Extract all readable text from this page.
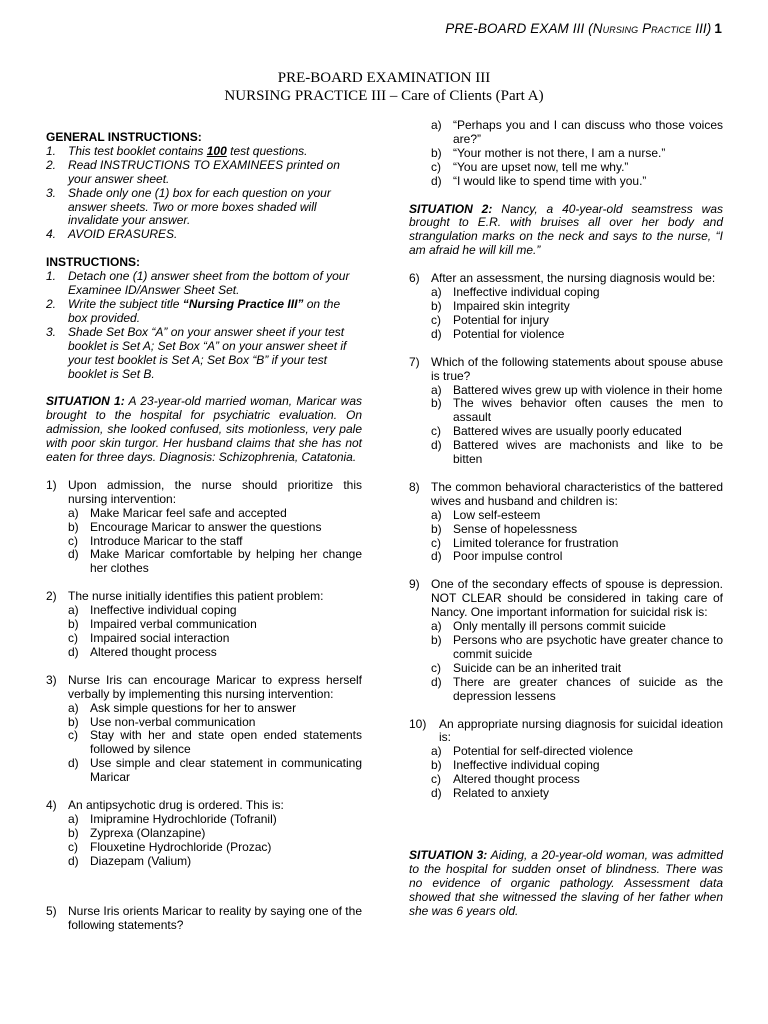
PRE-BOARD EXAM III (Nursing Practice III) 1
PRE-BOARD EXAMINATION III
NURSING PRACTICE III – Care of Clients (Part A)
GENERAL INSTRUCTIONS:
1. This test booklet contains 100 test questions.
2. Read INSTRUCTIONS TO EXAMINEES printed on your answer sheet.
3. Shade only one (1) box for each question on your answer sheets. Two or more boxes shaded will invalidate your answer.
4. AVOID ERASURES.
INSTRUCTIONS:
1. Detach one (1) answer sheet from the bottom of your Examinee ID/Answer Sheet Set.
2. Write the subject title “Nursing Practice III” on the box provided.
3. Shade Set Box “A” on your answer sheet if your test booklet is Set A; Set Box “A” on your answer sheet if your test booklet is Set A; Set Box “B” if your test booklet is Set B.
SITUATION 1: A 23-year-old married woman, Maricar was brought to the hospital for psychiatric evaluation. On admission, she looked confused, sits motionless, very pale with poor skin turgor. Her husband claims that she has not eaten for three days. Diagnosis: Schizophrenia, Catatonia.
1) Upon admission, the nurse should prioritize this nursing intervention:
a) Make Maricar feel safe and accepted
b) Encourage Maricar to answer the questions
c)	Introduce Maricar to the staff
d) Make Maricar comfortable by helping her change her clothes
2) The nurse initially identifies this patient problem:
a) Ineffective individual coping
b) Impaired verbal communication
c)	Impaired social interaction
d) Altered thought process
3) Nurse Iris can encourage Maricar to express herself verbally by implementing this nursing intervention:
a) Ask simple questions for her to answer
b) Use non-verbal communication
c)	Stay with her and state open ended statements followed by silence
d) Use simple and clear statement in communicating Maricar
4) An antipsychotic drug is ordered. This is:
a) Imipramine Hydrochloride (Tofranil)
b) Zyprexa (Olanzapine)
c)	Flouxetine Hydrochloride (Prozac)
d) Diazepam (Valium)
5) Nurse Iris orients Maricar to reality by saying one of the following statements?
a) “Perhaps you and I can discuss who those voices are?”
b) “Your mother is not there, I am a nurse.”
c)	“You are upset now, tell me why.”
d) “I would like to spend time with you.”
SITUATION 2: Nancy, a 40-year-old seamstress was brought to E.R. with bruises all over her body and strangulation marks on the neck and says to the nurse, “I am afraid he will kill me.”
6) After an assessment, the nursing diagnosis would be:
a) Ineffective individual coping
b) Impaired skin integrity
c)	Potential for injury
d) Potential for violence
7) Which of the following statements about spouse abuse is true?
a) Battered wives grew up with violence in their home
b) The wives behavior often causes the men to assault
c)	Battered wives are usually poorly educated
d) Battered wives are machonists and like to be bitten
8) The common behavioral characteristics of the battered wives and husband and children is:
a) Low self-esteem
b) Sense of hopelessness
c)	Limited tolerance for frustration
d) Poor impulse control
9) One of the secondary effects of spouse is depression. NOT CLEAR should be considered in taking care of Nancy. One important information for suicidal risk is:
a) Only mentally ill persons commit suicide
b) Persons who are psychotic have greater chance to commit suicide
c)	Suicide can be an inherited trait
d) There are greater chances of suicide as the depression lessens
10)	An appropriate nursing diagnosis for suicidal ideation is:
a) Potential for self-directed violence
b) Ineffective individual coping
c)	Altered thought process
d) Related to anxiety
SITUATION 3: Aiding, a 20-year-old woman, was admitted to the hospital for sudden onset of blindness. There was no evidence of organic pathology. Assessment data showed that she witnessed the slaving of her father when she was 6 years old.
